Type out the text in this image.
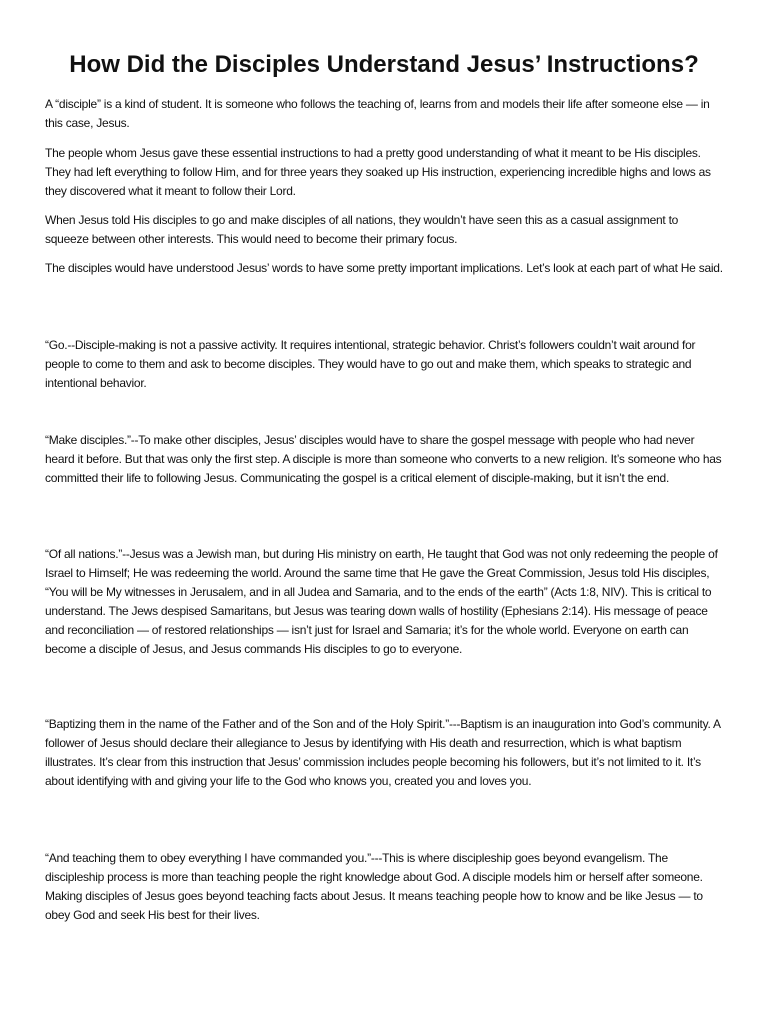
How Did the Disciples Understand Jesus’ Instructions?

A “disciple” is a kind of student. It is someone who follows the teaching of, learns from and models their life after someone else — in this case, Jesus.

The people whom Jesus gave these essential instructions to had a pretty good understanding of what it meant to be His disciples. They had left everything to follow Him, and for three years they soaked up His instruction, experiencing incredible highs and lows as they discovered what it meant to follow their Lord.

When Jesus told His disciples to go and make disciples of all nations, they wouldn’t have seen this as a casual assignment to squeeze between other interests. This would need to become their primary focus.

The disciples would have understood Jesus’ words to have some pretty important implications. Let’s look at each part of what He said.

“Go.--Disciple-making is not a passive activity. It requires intentional, strategic behavior. Christ’s followers couldn’t wait around for people to come to them and ask to become disciples. They would have to go out and make them, which speaks to strategic and intentional behavior.

“Make disciples.”--To make other disciples, Jesus’ disciples would have to share the gospel message with people who had never heard it before. But that was only the first step. A disciple is more than someone who converts to a new religion. It’s someone who has committed their life to following Jesus. Communicating the gospel is a critical element of disciple-making, but it isn’t the end.

“Of all nations.”--Jesus was a Jewish man, but during His ministry on earth, He taught that God was not only redeeming the people of Israel to Himself; He was redeeming the world. Around the same time that He gave the Great Commission, Jesus told His disciples, “You will be My witnesses in Jerusalem, and in all Judea and Samaria, and to the ends of the earth” (Acts 1:8, NIV). This is critical to understand. The Jews despised Samaritans, but Jesus was tearing down walls of hostility (Ephesians 2:14). His message of peace and reconciliation — of restored relationships — isn’t just for Israel and Samaria; it’s for the whole world. Everyone on earth can become a disciple of Jesus, and Jesus commands His disciples to go to everyone.

“Baptizing them in the name of the Father and of the Son and of the Holy Spirit.”---Baptism is an inauguration into God’s community. A follower of Jesus should declare their allegiance to Jesus by identifying with His death and resurrection, which is what baptism illustrates. It’s clear from this instruction that Jesus’ commission includes people becoming his followers, but it’s not limited to it. It’s about identifying with and giving your life to the God who knows you, created you and loves you.

“And teaching them to obey everything I have commanded you.”---This is where discipleship goes beyond evangelism. The discipleship process is more than teaching people the right knowledge about God. A disciple models him or herself after someone. Making disciples of Jesus goes beyond teaching facts about Jesus. It means teaching people how to know and be like Jesus — to obey God and seek His best for their lives.
